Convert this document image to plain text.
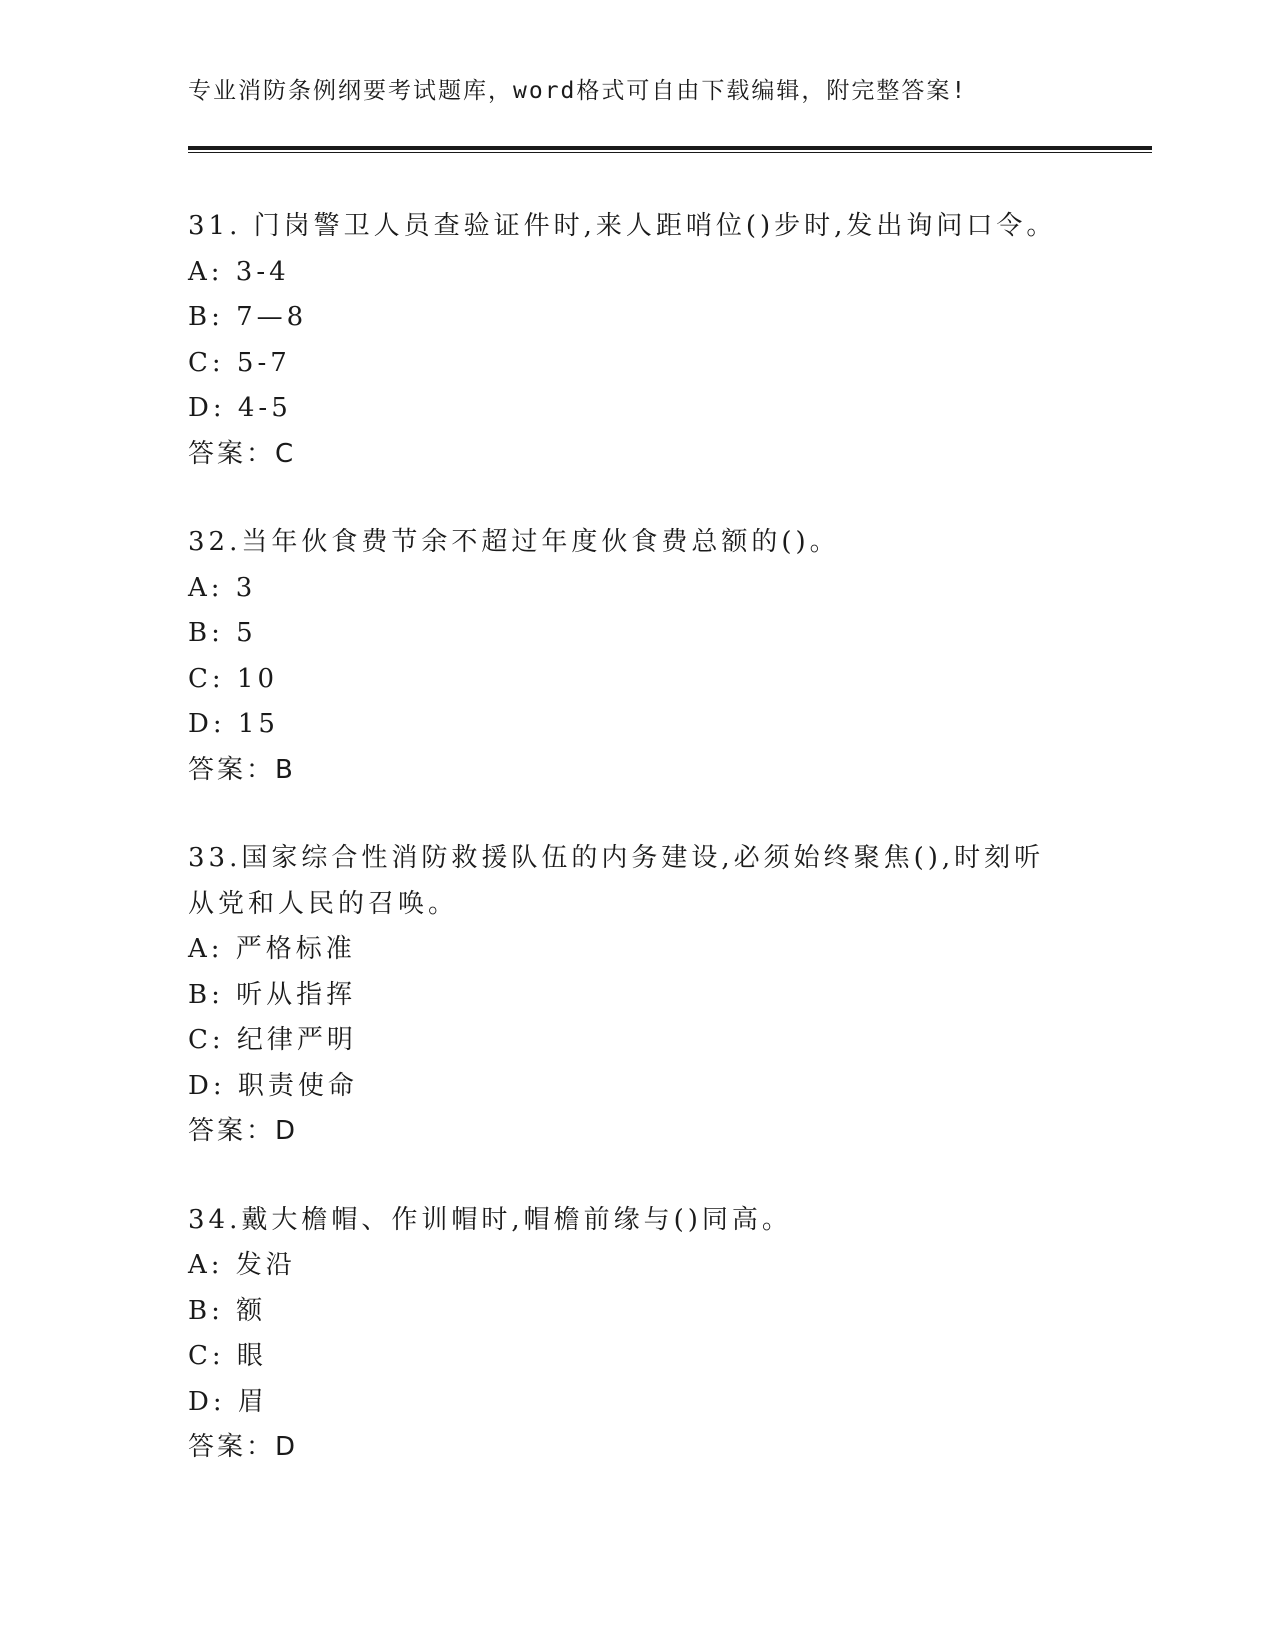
专业消防条例纲要考试题库，word格式可自由下载编辑，附完整答案!
31. 门岗警卫人员查验证件时,来人距哨位()步时,发出询问口令。
A: 3-4
B: 7—8
C: 5-7
D: 4-5
答案：C
32.当年伙食费节余不超过年度伙食费总额的()。
A: 3
B: 5
C: 10
D: 15
答案：B
33.国家综合性消防救援队伍的内务建设,必须始终聚焦(),时刻听从党和人民的召唤。
A: 严格标准
B: 听从指挥
C: 纪律严明
D: 职责使命
答案：D
34.戴大檐帽、作训帽时,帽檐前缘与()同高。
A: 发沿
B: 额
C: 眼
D: 眉
答案：D
